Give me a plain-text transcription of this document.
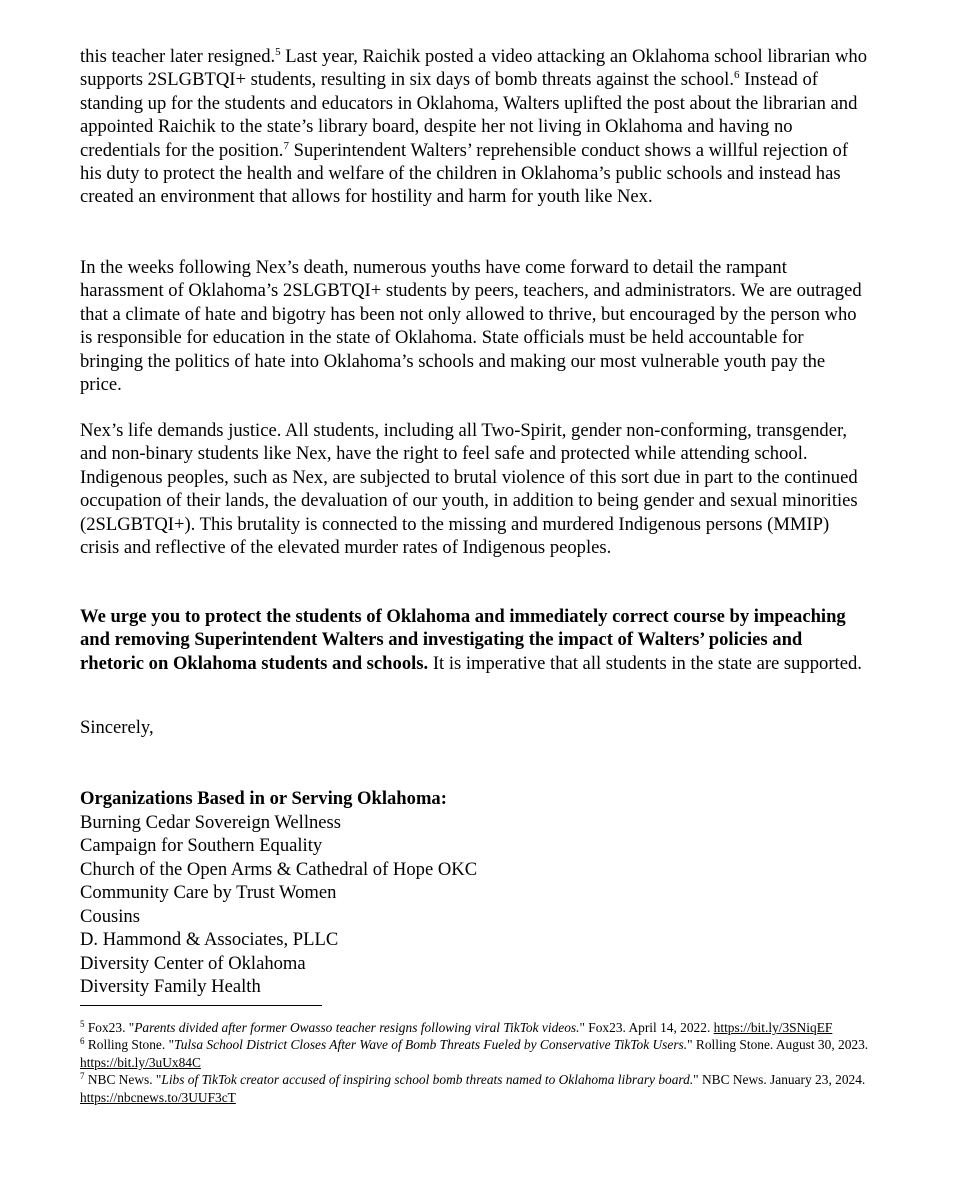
this teacher later resigned.$^5$ Last year, Raichik posted a video attacking an Oklahoma school librarian who supports 2SLGBTQI+ students, resulting in six days of bomb threats against the school.$^6$ Instead of standing up for the students and educators in Oklahoma, Walters uplifted the post about the librarian and appointed Raichik to the state’s library board, despite her not living in Oklahoma and having no credentials for the position.$^7$ Superintendent Walters’ reprehensible conduct shows a willful rejection of his duty to protect the health and welfare of the children in Oklahoma’s public schools and instead has created an environment that allows for hostility and harm for youth like Nex.

In the weeks following Nex’s death, numerous youths have come forward to detail the rampant harassment of Oklahoma’s 2SLGBTQI+ students by peers, teachers, and administrators. We are outraged that a climate of hate and bigotry has been not only allowed to thrive, but encouraged by the person who is responsible for education in the state of Oklahoma. State officials must be held accountable for bringing the politics of hate into Oklahoma’s schools and making our most vulnerable youth pay the price.

Nex’s life demands justice. All students, including all Two-Spirit, gender non-conforming, transgender, and non-binary students like Nex, have the right to feel safe and protected while attending school. Indigenous peoples, such as Nex, are subjected to brutal violence of this sort due in part to the continued occupation of their lands, the devaluation of our youth, in addition to being gender and sexual minorities (2SLGBTQI+). This brutality is connected to the missing and murdered Indigenous persons (MMIP) crisis and reflective of the elevated murder rates of Indigenous peoples.

We urge you to protect the students of Oklahoma and immediately correct course by impeaching and removing Superintendent Walters and investigating the impact of Walters’ policies and rhetoric on Oklahoma students and schools. It is imperative that all students in the state are supported.

Sincerely,

Organizations Based in or Serving Oklahoma:
Burning Cedar Sovereign Wellness
Campaign for Southern Equality
Church of the Open Arms & Cathedral of Hope OKC
Community Care by Trust Women
Cousins
D. Hammond & Associates, PLLC
Diversity Center of Oklahoma
Diversity Family Health

$^5$ Fox23. "Parents divided after former Owasso teacher resigns following viral TikTok videos." Fox23. April 14, 2022. https://bit.ly/3SNiqEF

$^6$ Rolling Stone. "Tulsa School District Closes After Wave of Bomb Threats Fueled by Conservative TikTok Users." Rolling Stone. August 30, 2023. https://bit.ly/3uUx84C

$^7$ NBC News. "Libs of TikTok creator accused of inspiring school bomb threats named to Oklahoma library board." NBC News. January 23, 2024. https://nbcnews.to/3UUF3cT
